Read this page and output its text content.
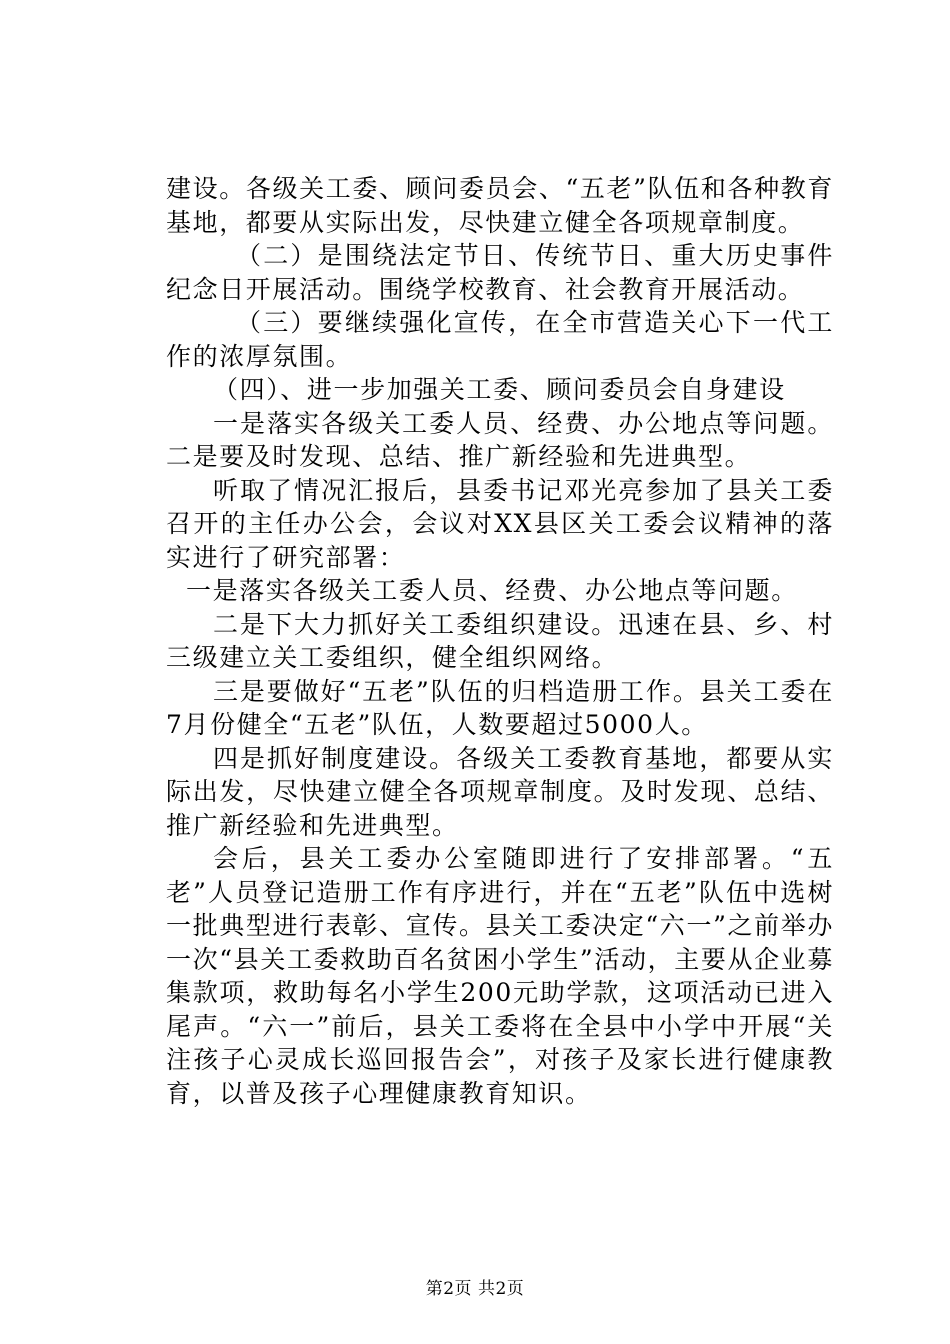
建设。各级关工委、顾问委员会、“五老”队伍和各种教育基地，都要从实际出发，尽快建立健全各项规章制度。

（二）是围绕法定节日、传统节日、重大历史事件纪念日开展活动。围绕学校教育、社会教育开展活动。

（三）要继续强化宣传，在全市营造关心下一代工作的浓厚氛围。

（四）、进一步加强关工委、顾问委员会自身建设

一是落实各级关工委人员、经费、办公地点等问题。二是要及时发现、总结、推广新经验和先进典型。

听取了情况汇报后，县委书记邓光亮参加了县关工委召开的主任办公会，会议对XX县区关工委会议精神的落实进行了研究部署：

一是落实各级关工委人员、经费、办公地点等问题。

二是下大力抓好关工委组织建设。迅速在县、乡、村三级建立关工委组织，健全组织网络。

三是要做好“五老”队伍的归档造册工作。县关工委在7月份健全“五老”队伍，人数要超过5000人。

四是抓好制度建设。各级关工委教育基地，都要从实际出发，尽快建立健全各项规章制度。及时发现、总结、推广新经验和先进典型。

会后，县关工委办公室随即进行了安排部署。“五老”人员登记造册工作有序进行，并在“五老”队伍中选树一批典型进行表彰、宣传。县关工委决定“六一”之前举办一次“县关工委救助百名贫困小学生”活动，主要从企业募集款项，救助每名小学生200元助学款，这项活动已进入尾声。“六一”前后，县关工委将在全县中小学中开展“关注孩子心灵成长巡回报告会”，对孩子及家长进行健康教育，以普及孩子心理健康教育知识。

第2页 共2页
